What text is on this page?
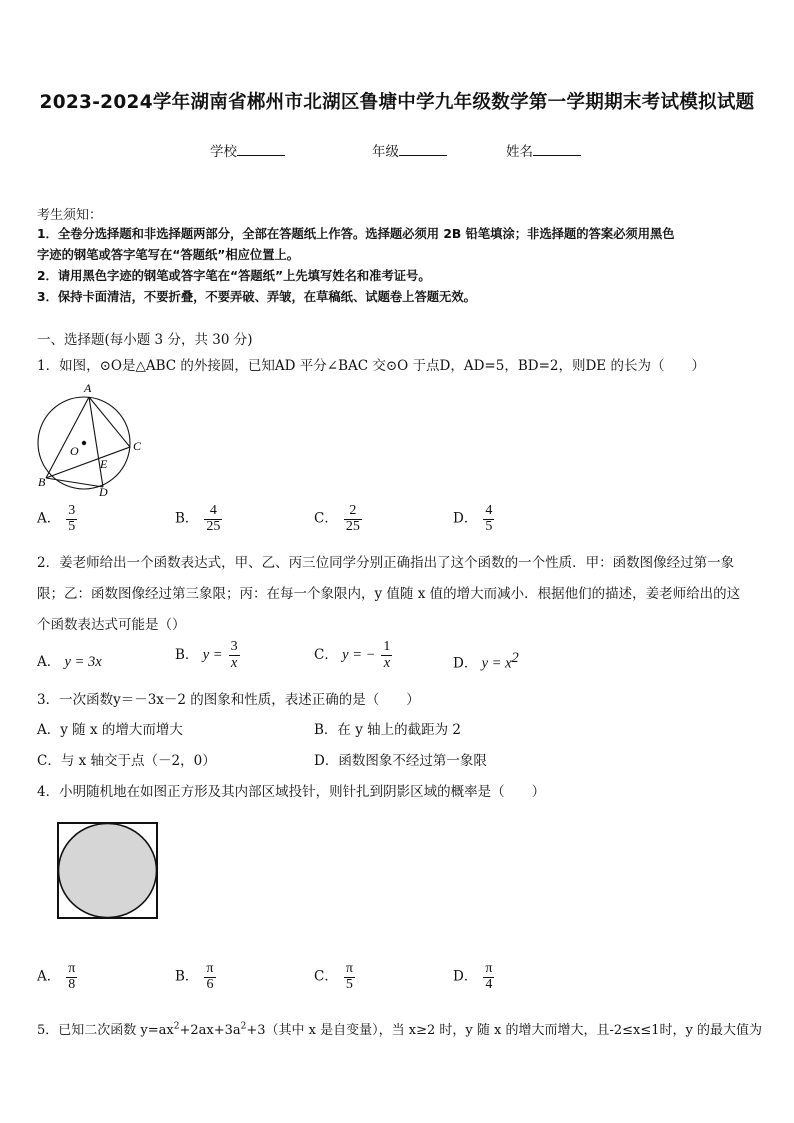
2023-2024学年湖南省郴州市北湖区鲁塘中学九年级数学第一学期期末考试模拟试题
学校	年级	姓名
考生须知：
1．全卷分选择题和非选择题两部分，全部在答题纸上作答。选择题必须用 2B 铅笔填涂；非选择题的答案必须用黑色
字迹的钢笔或答字笔写在“答题纸”相应位置上。
2．请用黑色字迹的钢笔或答字笔在“答题纸”上先填写姓名和准考证号。
3．保持卡面清洁，不要折叠，不要弄破、弄皱，在草稿纸、试题卷上答题无效。
一、选择题(每小题 3 分，共 30 分)
1．如图，⊙O是△ABC 的外接圆，已知AD 平分∠BAC 交⊙O 于点D，AD=5，BD=2，则DE 的长为（　　）
A
C
B
D
E
O
A． $\frac{3}{5}$	B． $\frac{4}{25}$	C． $\frac{2}{25}$	D． $\frac{4}{5}$
2．姜老师给出一个函数表达式，甲、乙、丙三位同学分别正确指出了这个函数的一个性质．甲：函数图像经过第一象
限；乙：函数图像经过第三象限；丙：在每一个象限内，y 值随 x 值的增大而减小．根据他们的描述，姜老师给出的这
个函数表达式可能是（）
A． y = 3x	B． $y = \frac{3}{x}$	C． y = − $\frac{1}{x}$	D． $y = x^2$
3．一次函数y＝－3x－2 的图象和性质，表述正确的是（　　）
A．y 随 x 的增大而增大	B．在 y 轴上的截距为 2
C．与 x 轴交于点（－2，0）	D．函数图象不经过第一象限
4．小明随机地在如图正方形及其内部区域投针，则针扎到阴影区域的概率是（　　）
A． $\frac{\pi}{8}$	B． $\frac{\pi}{6}$	C． $\frac{\pi}{5}$	D． $\frac{\pi}{4}$
5．已知二次函数 $y=ax^2+2ax+3a^2+3$（其中 x 是自变量），当 x≥2 时，y 随 x 的增大而增大，且-2≤x≤1时，y 的最大值为
